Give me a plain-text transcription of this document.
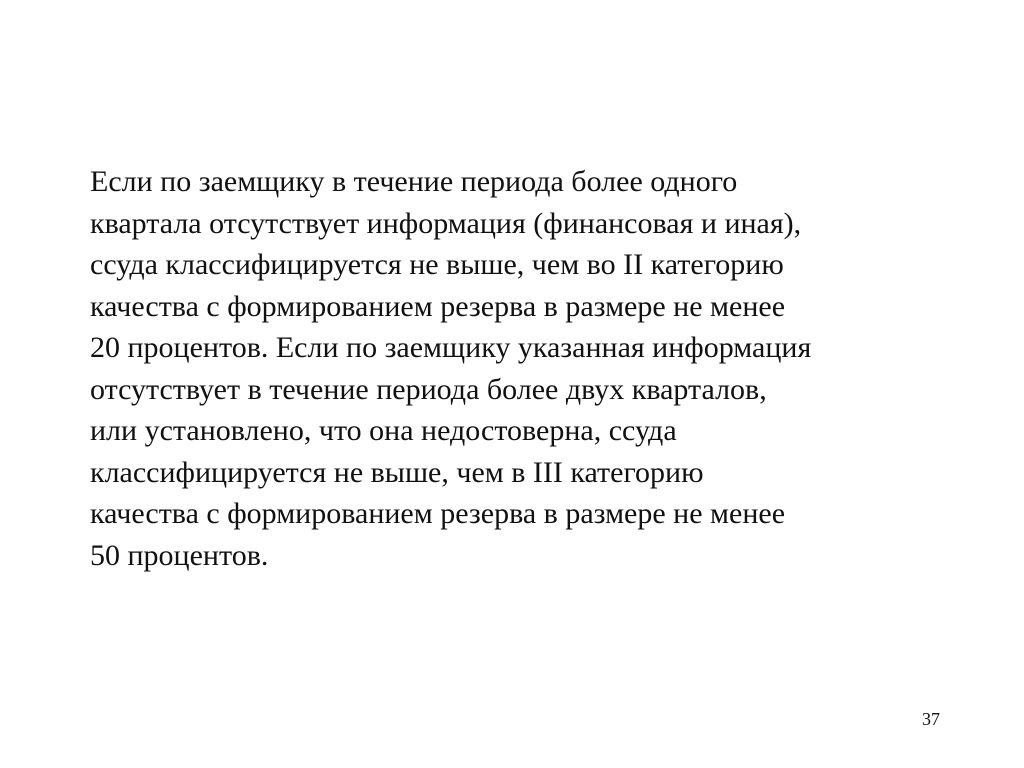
Если по заемщику в течение периода более одного
квартала отсутствует информация (финансовая и иная),
ссуда классифицируется не выше, чем во II категорию
качества с формированием резерва в размере не менее
20 процентов. Если по заемщику указанная информация
отсутствует в течение периода более двух кварталов,
или установлено, что она недостоверна, ссуда
классифицируется не выше, чем в III категорию
качества с формированием резерва в размере не менее
50 процентов.

37
